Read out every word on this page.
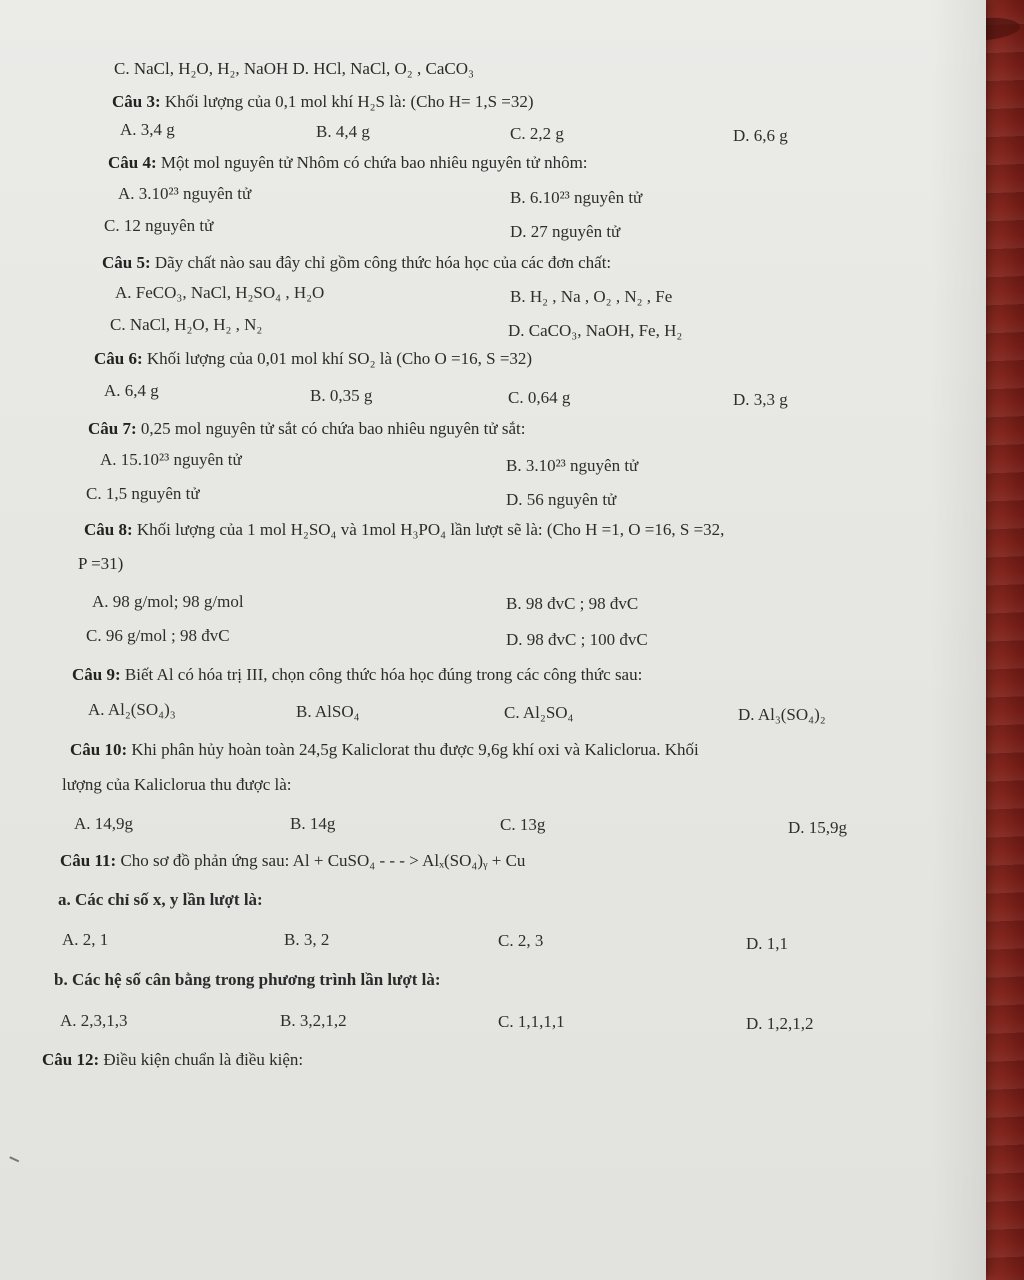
C. NaCl, H₂O, H₂, NaOH D. HCl, NaCl, O₂ , CaCO₃
Câu 3: Khối lượng của 0,1 mol khí H₂S là: (Cho H= 1,S =32)
A. 3,4 g	B. 4,4 g	C. 2,2 g	D. 6,6 g
Câu 4: Một mol nguyên tử Nhôm có chứa bao nhiêu nguyên tử nhôm:
A. 3.10²³ nguyên tử	B. 6.10²³ nguyên tử
C. 12 nguyên tử	D. 27 nguyên tử
Câu 5: Dãy chất nào sau đây chỉ gồm công thức hóa học của các đơn chất:
A. FeCO₃, NaCl, H₂SO₄ , H₂O	B. H₂ , Na , O₂ , N₂ , Fe
C. NaCl, H₂O, H₂ , N₂	D. CaCO₃, NaOH, Fe, H₂
Câu 6: Khối lượng của 0,01 mol khí SO₂ là (Cho O =16, S =32)
A. 6,4 g	B. 0,35 g	C. 0,64 g	D. 3,3 g
Câu 7: 0,25 mol nguyên tử sắt có chứa bao nhiêu nguyên tử sắt:
A. 15.10²³ nguyên tử	B. 3.10²³ nguyên tử
C. 1,5 nguyên tử	D. 56 nguyên tử
Câu 8: Khối lượng của 1 mol H₂SO₄ và 1mol H₃PO₄ lần lượt sẽ là: (Cho H =1, O =16, S =32,
P =31)
A. 98 g/mol; 98 g/mol	B. 98 đvC ; 98 đvC
C. 96 g/mol ; 98 đvC	D. 98 đvC ; 100 đvC
Câu 9: Biết Al có hóa trị III, chọn công thức hóa học đúng trong các công thức sau:
A. Al₂(SO₄)₃	B. AlSO₄	C. Al₂SO₄	D. Al₃(SO₄)₂
Câu 10: Khi phân hủy hoàn toàn 24,5g Kaliclorat thu được 9,6g khí oxi và Kaliclorua. Khối
lượng của Kaliclorua thu được là:
A. 14,9g	B. 14g	C. 13g	D. 15,9g
Câu 11: Cho sơ đồ phản ứng sau: Al + CuSO₄ - - - > Alₓ(SO₄)ᵧ + Cu
a. Các chỉ số x, y lần lượt là:
A. 2, 1	B. 3, 2	C. 2, 3	D. 1,1
b. Các hệ số cân bằng trong phương trình lần lượt là:
A. 2,3,1,3	B. 3,2,1,2	C. 1,1,1,1	D. 1,2,1,2
Câu 12: Điều kiện chuẩn là điều kiện:
